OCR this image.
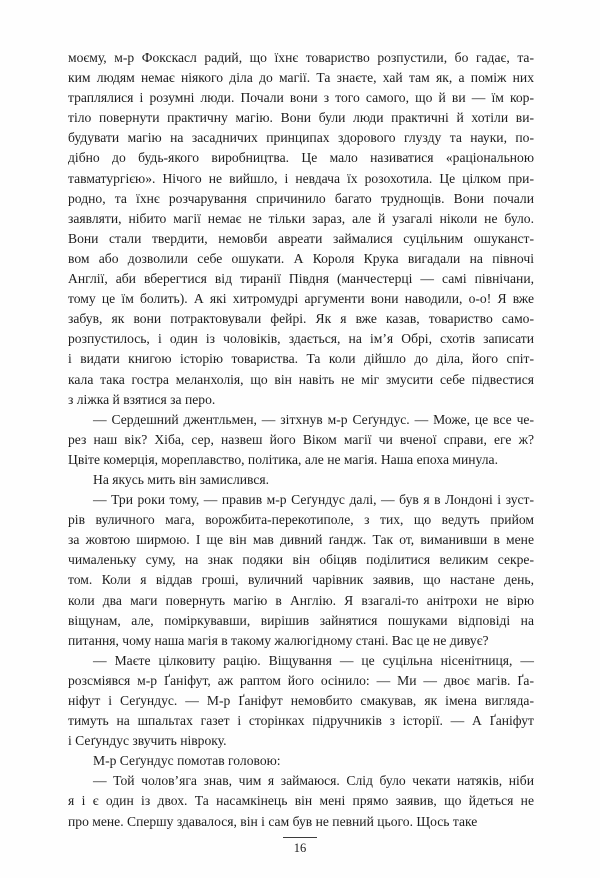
моєму, м-р Фокскасл радий, що їхнє товариство розпустили, бо гадає, та-
ким людям немає ніякого діла до магії. Та знаєте, хай там як, а поміж них
траплялися і розумні люди. Почали вони з того самого, що й ви — їм кор-
тіло повернути практичну магію. Вони були люди практичні й хотіли ви-
будувати магію на засадничих принципах здорового глузду та науки, по-
дібно до будь-якого виробництва. Це мало називатися «раціональною
тавматургією». Нічого не вийшло, і невдача їх розохотила. Це цілком при-
родно, та їхнє розчарування спричинило багато труднощів. Вони почали
заявляти, нібито магії немає не тільки зараз, але й узагалі ніколи не було.
Вони стали твердити, немовби авреати займалися суцільним ошуканст-
вом або дозволили себе ошукати. А Короля Крука вигадали на півночі
Англії, аби вберегтися від тиранії Півдня (манчестерці — самі північани,
тому це їм болить). А які хитромудрі аргументи вони наводили, о-о! Я вже
забув, як вони потрактовували фейрі. Як я вже казав, товариство само-
розпустилось, і один із чоловіків, здається, на ім’я Обрі, схотів записати
і видати книгою історію товариства. Та коли дійшло до діла, його спіт-
кала така гостра меланхолія, що він навіть не міг змусити себе підвестися
з ліжка й взятися за перо.
— Сердешний джентльмен, — зітхнув м-р Сеґундус. — Може, це все че-
рез наш вік? Хіба, сер, назвеш його Віком магії чи вченої справи, еге ж?
Цвіте комерція, мореплавство, політика, але не магія. Наша епоха минула.
На якусь мить він замислився.
— Три роки тому, — правив м-р Сеґундус далі, — був я в Лондоні і зуст-
рів вуличного мага, ворожбита-перекотиполе, з тих, що ведуть прийом
за жовтою ширмою. І ще він мав дивний ґандж. Так от, виманивши в мене
чималеньку суму, на знак подяки він обіцяв поділитися великим секре-
том. Коли я віддав гроші, вуличний чарівник заявив, що настане день,
коли два маги повернуть магію в Англію. Я взагалі-то анітрохи не вірю
віщунам, але, поміркувавши, вирішив зайнятися пошуками відповіді на
питання, чому наша магія в такому жалюгідному стані. Вас це не дивує?
— Маєте цілковиту рацію. Віщування — це суцільна нісенітниця, —
розсміявся м-р Ґаніфут, аж раптом його осінило: — Ми — двоє магів. Ґа-
ніфут і Сеґундус. — М-р Ґаніфут немовбито смакував, як імена вигляда-
тимуть на шпальтах газет і сторінках підручників з історії. — А Ґаніфут
і Сеґундус звучить нівроку.
М-р Сеґундус помотав головою:
— Той чолов’яга знав, чим я займаюся. Слід було чекати натяків, ніби
я і є один із двох. Та насамкінець він мені прямо заявив, що йдеться не
про мене. Спершу здавалося, він і сам був не певний цього. Щось таке
16
